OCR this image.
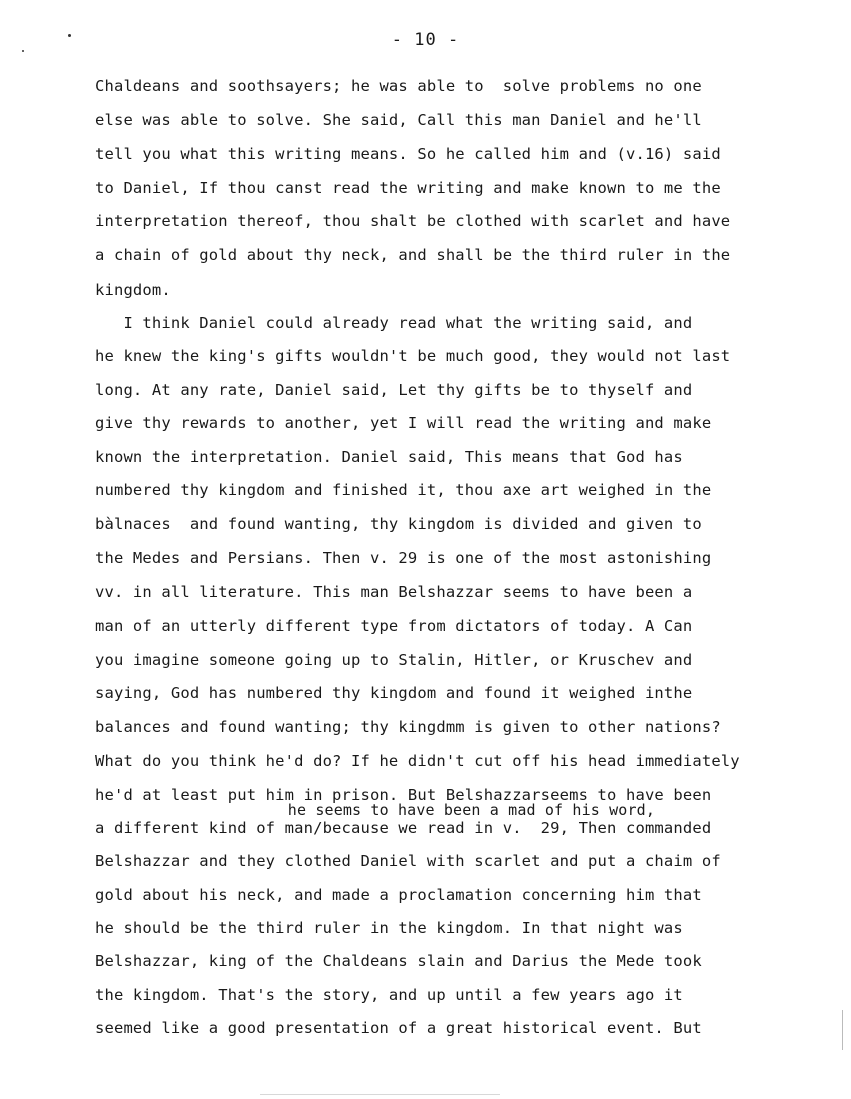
- 10 -
Chaldeans and soothsayers; he was able to  solve problems no one
else was able to solve. She said, Call this man Daniel and he'll
tell you what this writing means. So he called him and (v.16) said
to Daniel, If thou canst read the writing and make known to me the
interpretation thereof, thou shalt be clothed with scarlet and have
a chain of gold about thy neck, and shall be the third ruler in the
kingdom.
I think Daniel could already read what the writing said, and
he knew the king's gifts wouldn't be much good, they would not last
long. At any rate, Daniel said, Let thy gifts be to thyself and
give thy rewards to another, yet I will read the writing and make
known the interpretation. Daniel said, This means that God has
numbered thy kingdom and finished it, thou axe art weighed in the
bàlnaces  and found wanting, thy kingdom is divided and given to
the Medes and Persians. Then v. 29 is one of the most astonishing
vv. in all literature. This man Belshazzar seems to have been a
man of an utterly different type from dictators of today. A Can
you imagine someone going up to Stalin, Hitler, or Kruschev and
saying, God has numbered thy kingdom and found it weighed inthe
balances and found wanting; thy kingdmm is given to other nations?
What do you think he'd do? If he didn't cut off his head immediately
he'd at least put him in prison. But Belshazzarseems to have been
he seems to have been a mad of his word,
a different kind of man/because we read in v.  29, Then commanded
Belshazzar and they clothed Daniel with scarlet and put a chaim of
gold about his neck, and made a proclamation concerning him that
he should be the third ruler in the kingdom. In that night was
Belshazzar, king of the Chaldeans slain and Darius the Mede took
the kingdom. That's the story, and up until a few years ago it
seemed like a good presentation of a great historical event. But
